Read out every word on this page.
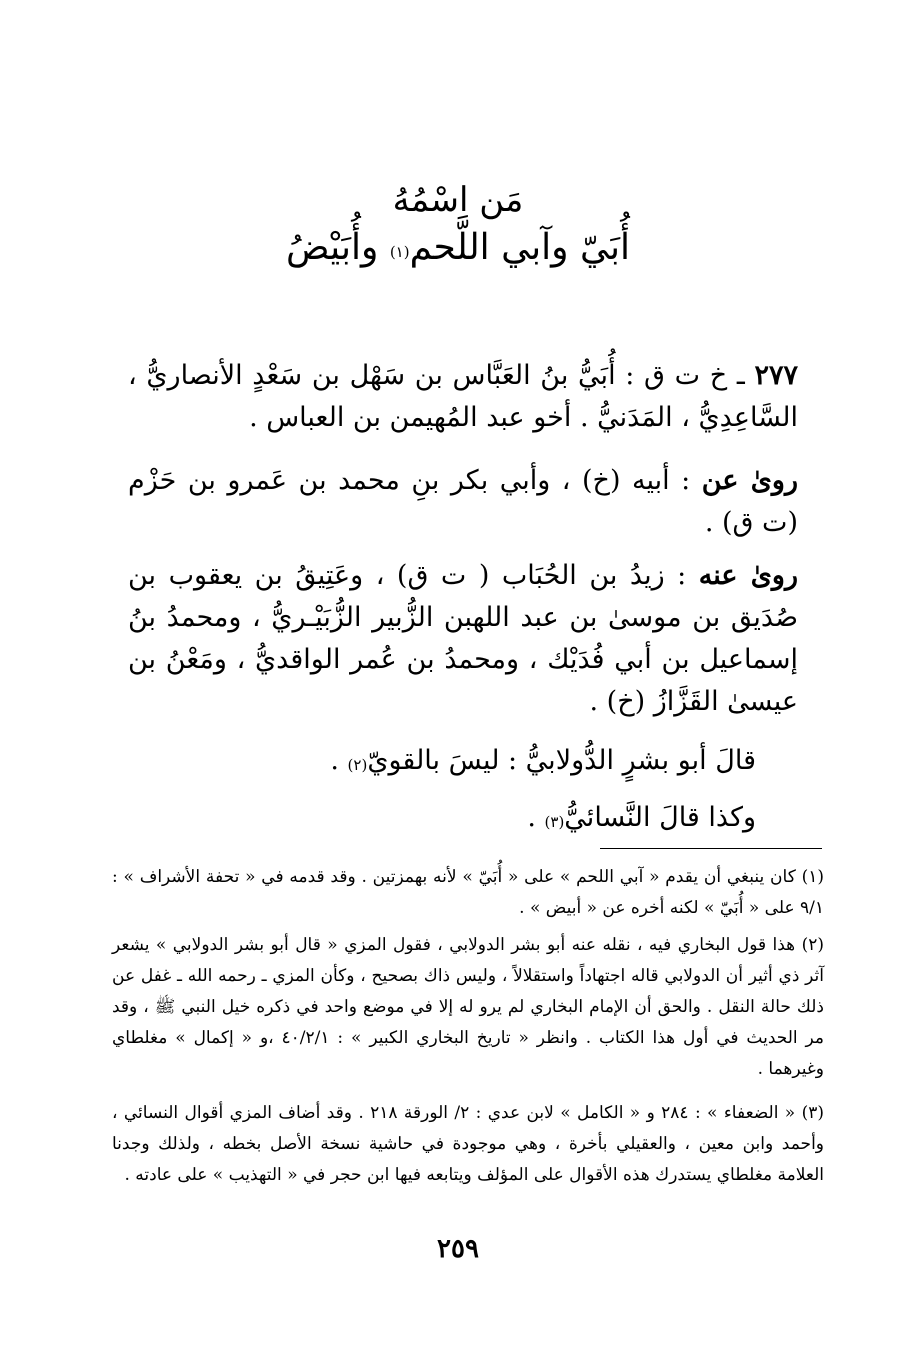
مَن اسْمُهُ
أُبَيّ وآبي اللَّحم$^{(١)}$ وأُبَيْضُ
٢٧٧ ـ خ ت ق : أُبَيُّ بنُ العَبَّاس بن سَهْل بن سَعْدٍ الأنصاريُّ ، السَّاعِدِيُّ ، المَدَنيُّ . أخو عبد المُهيمن بن العباس .
روىٰ عن : أبيه (خ) ، وأبي بكر بنِ محمد بن عَمرو بن حَزْم (ت ق) .
روىٰ عنه : زيدُ بن الحُبَاب ( ت ق) ، وعَتِيقُ بن يعقوب بن صُدَيق بن موسىٰ بن عبد اللهبن الزُّبير الزُّبَيْـريُّ ، ومحمدُ بنُ إسماعيل بن أبي فُدَيْك ، ومحمدُ بن عُمر الواقديُّ ، ومَعْنُ بن عيسىٰ القَزَّازُ (خ) .
قالَ أبو بشرٍ الدُّولابيُّ : ليسَ بالقويّ$^{(٢)}$ .
وكذا قالَ النَّسائيُّ$^{(٣)}$ .
(١) كان ينبغي أن يقدم « آبي اللحم » على « أُبَيّ » لأنه بهمزتين . وقد قدمه في « تحفة الأشراف » : ٩/١ على « أُبَيّ » لكنه أخره عن « أبيض » .
(٢) هذا قول البخاري فيه ، نقله عنه أبو بشر الدولابي ، فقول المزي « قال أبو بشر الدولابي » يشعر آثر ذي أثير أن الدولابي قاله اجتهاداً واستقلالاً ، وليس ذاك بصحيح ، وكأن المزي ـ رحمه الله ـ غفل عن ذلك حالة النقل . والحق أن الإمام البخاري لم يرو له إلا في موضع واحد في ذكره خيل النبي ﷺ ، وقد مر الحديث في أول هذا الكتاب . وانظر « تاريخ البخاري الكبير » : ٤٠/٢/١ ،و « إكمال » مغلطاي وغيرهما .
(٣) « الضعفاء » : ٢٨٤ و « الكامل » لابن عدي : ٢/ الورقة ٢١٨ . وقد أضاف المزي أقوال النسائي ، وأحمد وابن معين ، والعقيلي بأخرة ، وهي موجودة في حاشية نسخة الأصل بخطه ، ولذلك وجدنا العلامة مغلطاي يستدرك هذه الأقوال على المؤلف ويتابعه فيها ابن حجر في « التهذيب » على عادته .
٢٥٩
